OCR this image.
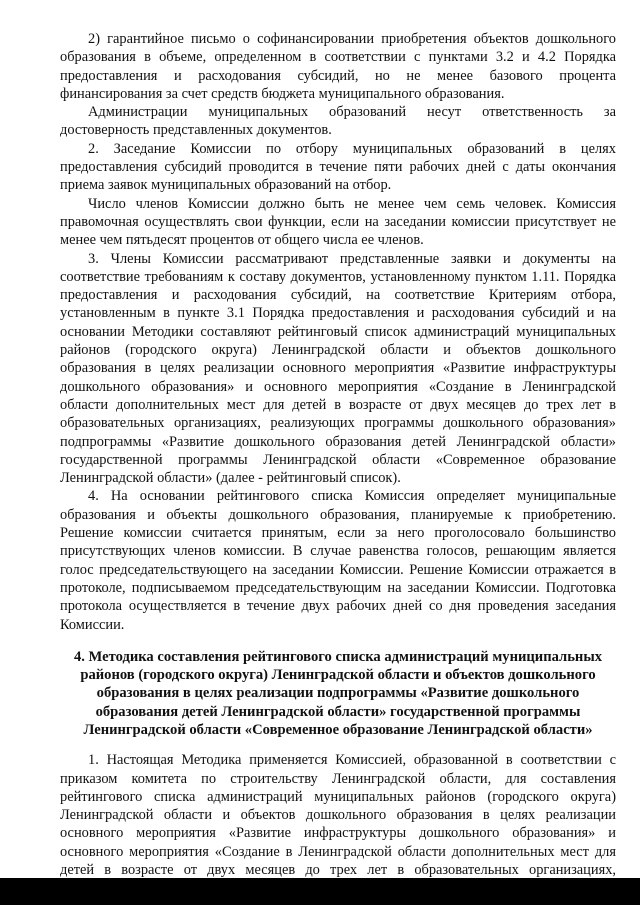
2) гарантийное письмо о софинансировании приобретения объектов дошкольного образования в объеме, определенном в соответствии с пунктами 3.2 и 4.2 Порядка предоставления и расходования субсидий, но не менее базового процента финансирования за счет средств бюджета муниципального образования.

Администрации муниципальных образований несут ответственность за достоверность представленных документов.

2. Заседание Комиссии по отбору муниципальных образований в целях предоставления субсидий проводится в течение пяти рабочих дней с даты окончания приема заявок муниципальных образований на отбор.

Число членов Комиссии должно быть не менее чем семь человек. Комиссия правомочная осуществлять свои функции, если на заседании комиссии присутствует не менее чем пятьдесят процентов от общего числа ее членов.

3. Члены Комиссии рассматривают представленные заявки и документы на соответствие требованиям к составу документов, установленному пунктом 1.11. Порядка предоставления и расходования субсидий, на соответствие Критериям отбора, установленным в пункте 3.1 Порядка предоставления и расходования субсидий и на основании Методики составляют рейтинговый список администраций муниципальных районов (городского округа) Ленинградской области и объектов дошкольного образования в целях реализации основного мероприятия «Развитие инфраструктуры дошкольного образования» и основного мероприятия «Создание в Ленинградской области дополнительных мест для детей в возрасте от двух месяцев до трех лет в образовательных организациях, реализующих программы дошкольного образования» подпрограммы «Развитие дошкольного образования детей Ленинградской области» государственной программы Ленинградской области «Современное образование Ленинградской области» (далее - рейтинговый список).

4. На основании рейтингового списка Комиссия определяет муниципальные образования и объекты дошкольного образования, планируемые к приобретению. Решение комиссии считается принятым, если за него проголосовало большинство присутствующих членов комиссии. В случае равенства голосов, решающим является голос председательствующего на заседании Комиссии. Решение Комиссии отражается в протоколе, подписываемом председательствующим на заседании Комиссии. Подготовка протокола осуществляется в течение двух рабочих дней со дня проведения заседания Комиссии.

4. Методика составления рейтингового списка администраций муниципальных районов (городского округа) Ленинградской области и объектов дошкольного образования в целях реализации подпрограммы «Развитие дошкольного образования детей Ленинградской области» государственной программы Ленинградской области «Современное образование Ленинградской области»

1. Настоящая Методика применяется Комиссией, образованной в соответствии с приказом комитета по строительству Ленинградской области, для составления рейтингового списка администраций муниципальных районов (городского округа) Ленинградской области и объектов дошкольного образования в целях реализации основного мероприятия «Развитие инфраструктуры дошкольного образования» и основного мероприятия «Создание в Ленинградской области дополнительных мест для детей в возрасте от двух месяцев до трех лет в образовательных организациях,
